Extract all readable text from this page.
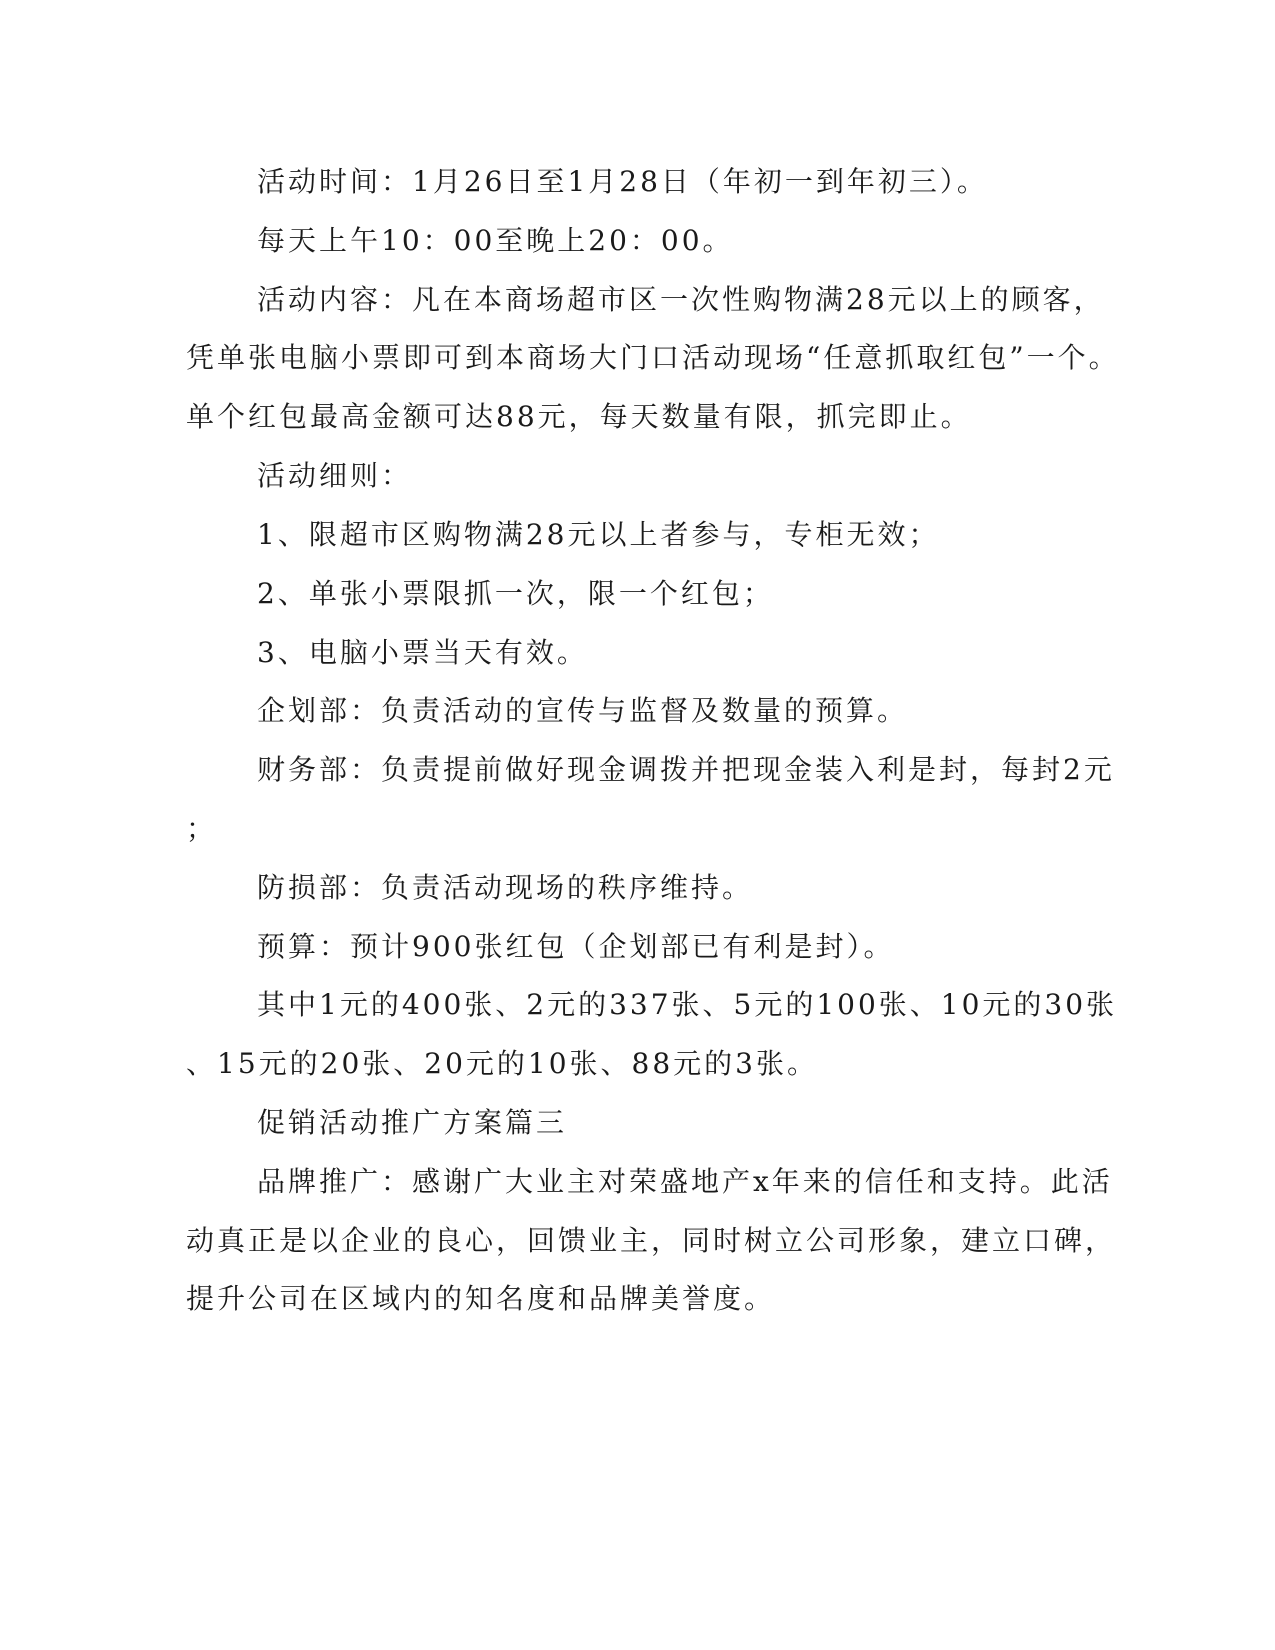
活动时间：1月26日至1月28日（年初一到年初三）。
每天上午10：00至晚上20：00。
活动内容：凡在本商场超市区一次性购物满28元以上的顾客，
凭单张电脑小票即可到本商场大门口活动现场“任意抓取红包”一个。
单个红包最高金额可达88元，每天数量有限，抓完即止。
活动细则：
1、限超市区购物满28元以上者参与，专柜无效；
2、单张小票限抓一次，限一个红包；
3、电脑小票当天有效。
企划部：负责活动的宣传与监督及数量的预算。
财务部：负责提前做好现金调拨并把现金装入利是封，每封2元
；
防损部：负责活动现场的秩序维持。
预算：预计900张红包（企划部已有利是封）。
其中1元的400张、2元的337张、5元的100张、10元的30张
、15元的20张、20元的10张、88元的3张。
促销活动推广方案篇三
品牌推广：感谢广大业主对荣盛地产x年来的信任和支持。此活
动真正是以企业的良心，回馈业主，同时树立公司形象，建立口碑，
提升公司在区域内的知名度和品牌美誉度。
